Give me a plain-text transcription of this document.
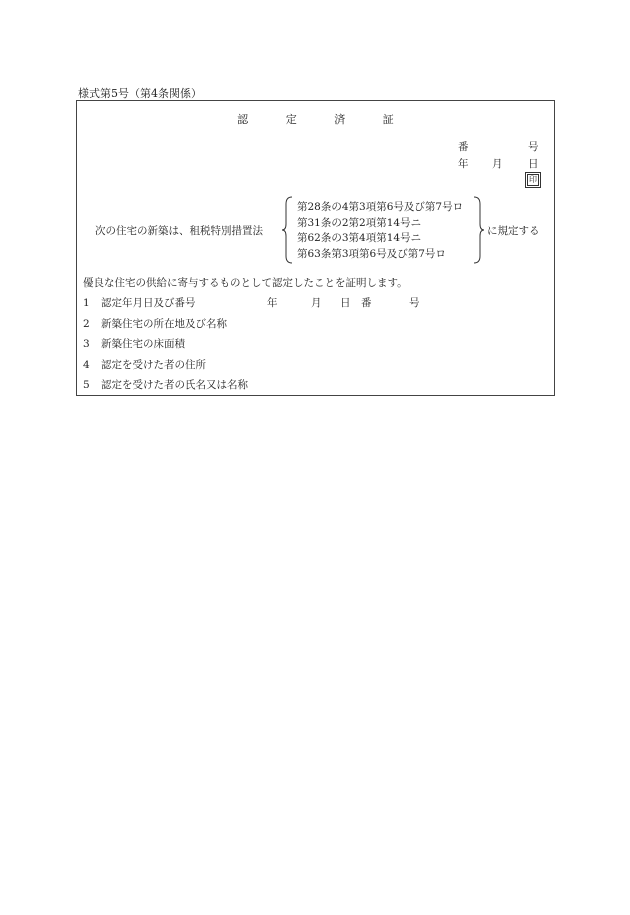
様式第5号（第4条関係）
認	定	済	証
番	号
年 月 日
印
次の住宅の新築は、租税特別措置法
第28条の4第3項第6号及び第7号ロ
第31条の2第2項第14号ニ
第62条の3第4項第14号ニ
第63条第3項第6号及び第7号ロ
に規定する
優良な住宅の供給に寄与するものとして認定したことを証明します。
1 認定年月日及び番号	年	月 日 番	号
2 新築住宅の所在地及び名称
3 新築住宅の床面積
4 認定を受けた者の住所
5 認定を受けた者の氏名又は名称
